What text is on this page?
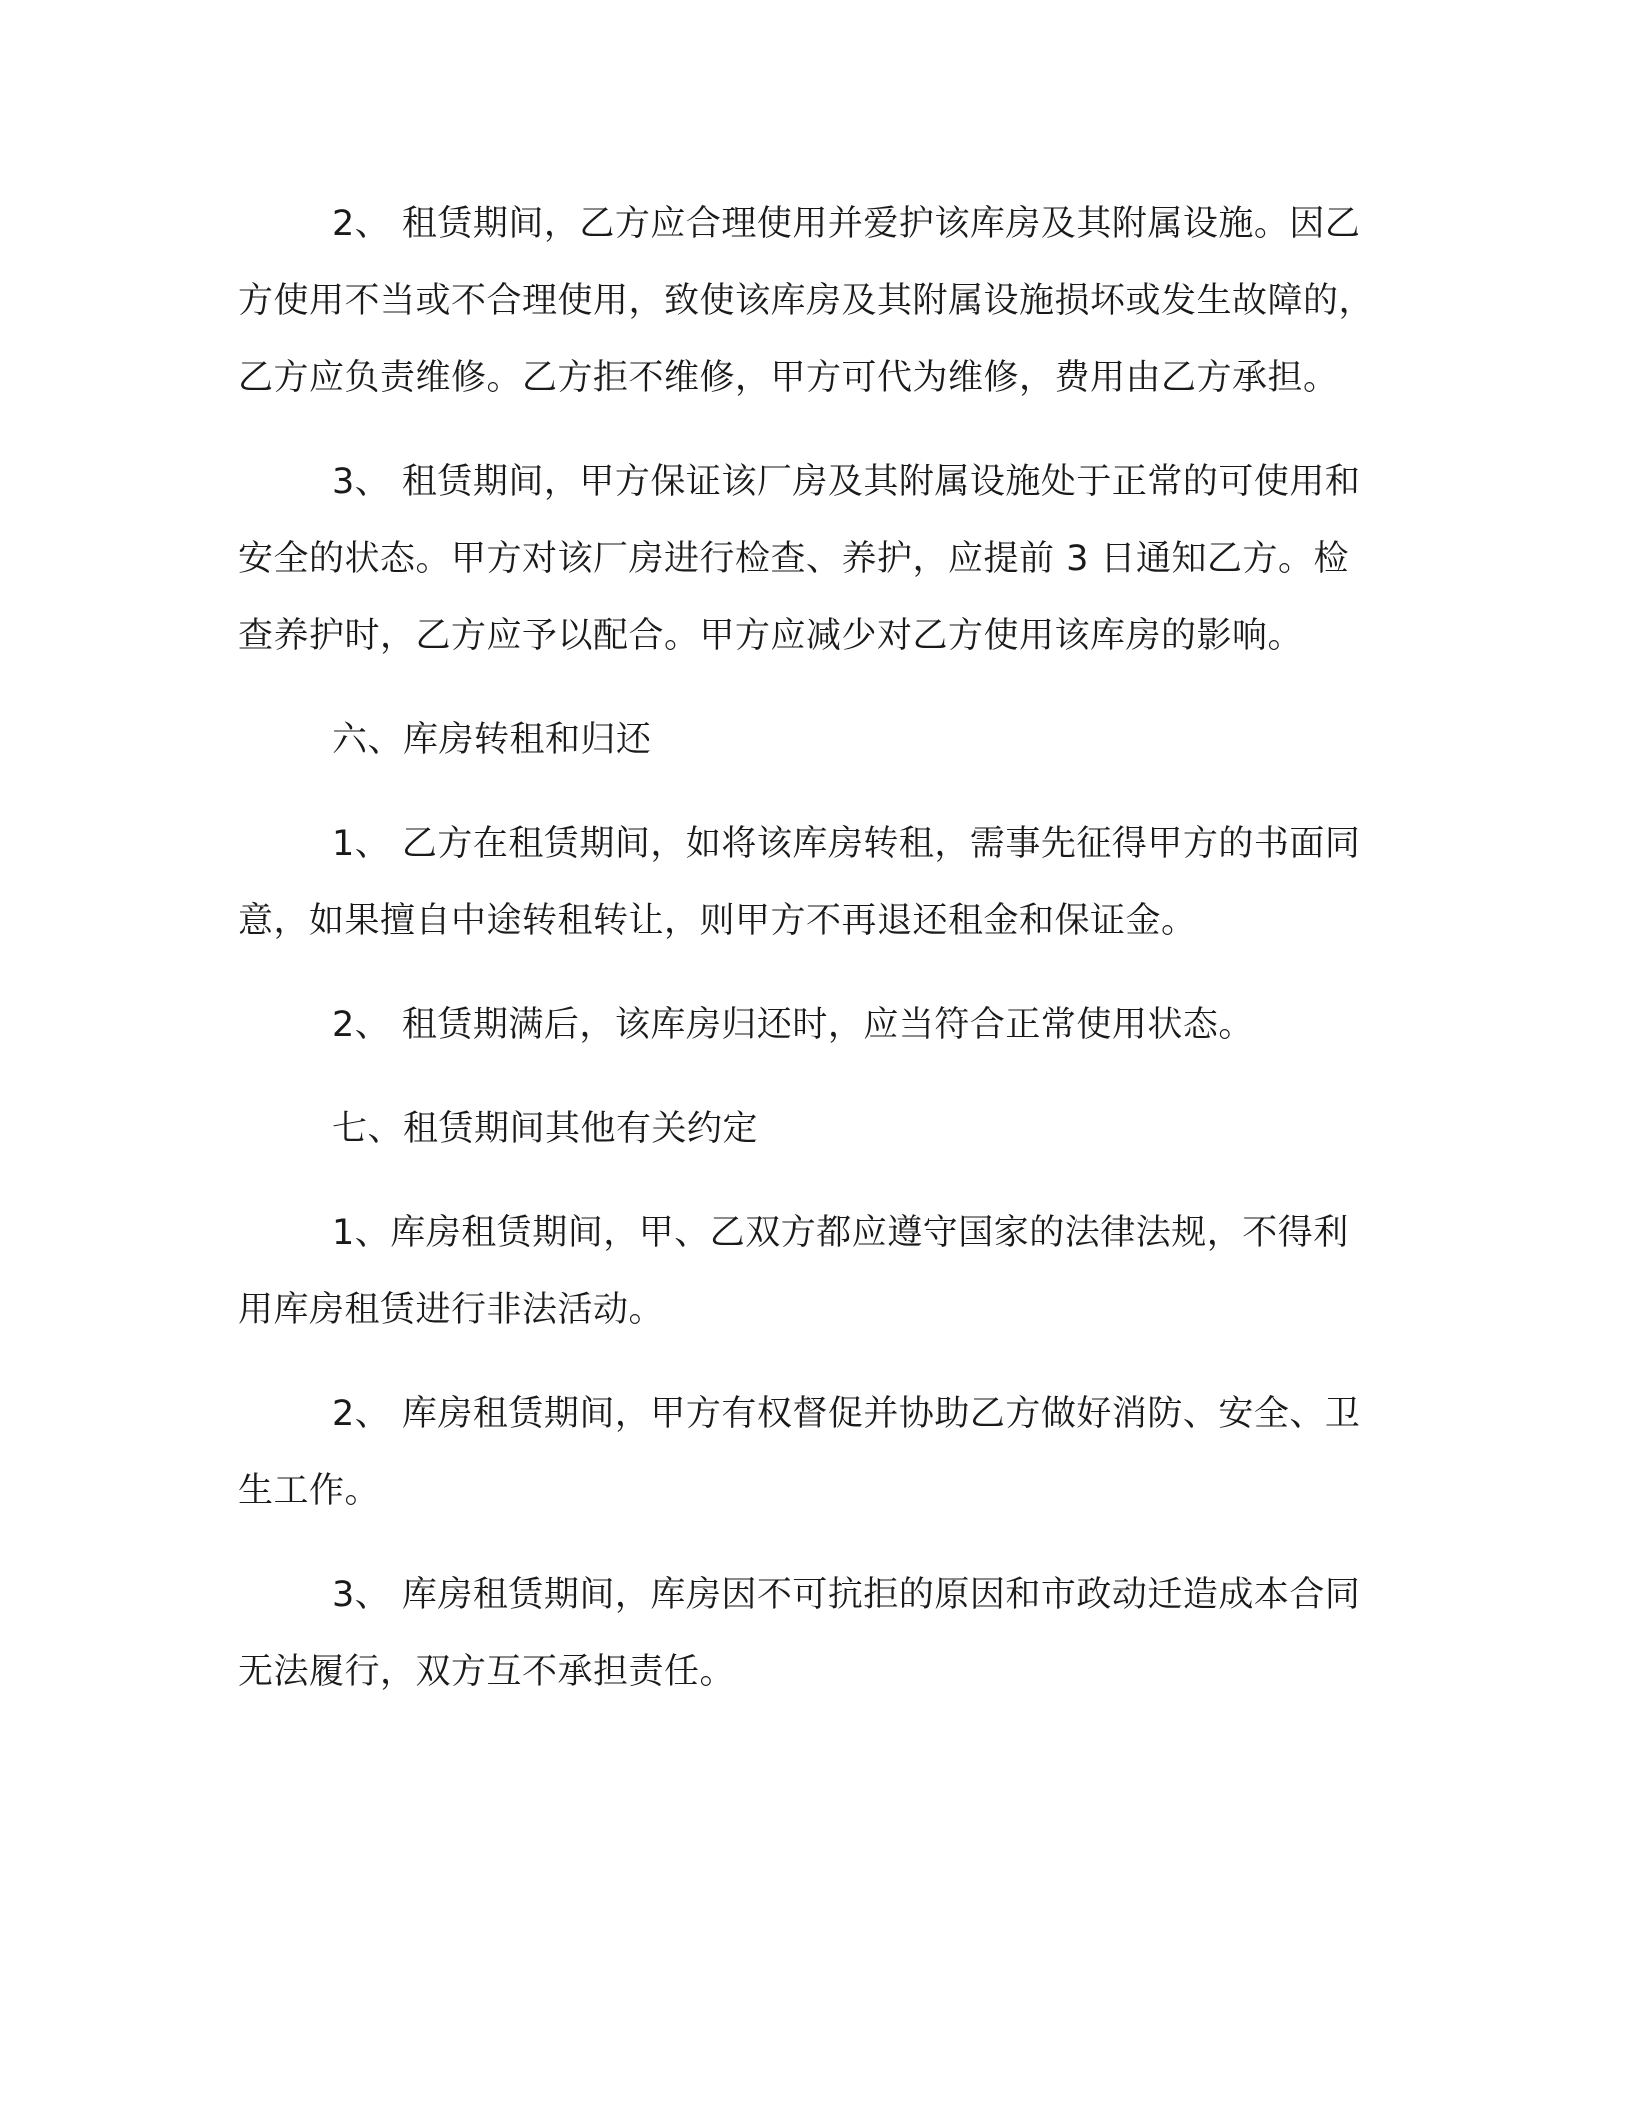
2、 租赁期间，乙方应合理使用并爱护该库房及其附属设施。因乙方使用不当或不合理使用，致使该库房及其附属设施损坏或发生故障的，乙方应负责维修。乙方拒不维修，甲方可代为维修，费用由乙方承担。

3、 租赁期间，甲方保证该厂房及其附属设施处于正常的可使用和安全的状态。甲方对该厂房进行检查、养护，应提前 3 日通知乙方。检查养护时，乙方应予以配合。甲方应减少对乙方使用该库房的影响。

六、库房转租和归还

1、 乙方在租赁期间，如将该库房转租，需事先征得甲方的书面同意，如果擅自中途转租转让，则甲方不再退还租金和保证金。

2、 租赁期满后，该库房归还时，应当符合正常使用状态。

七、租赁期间其他有关约定

1、库房租赁期间，甲、乙双方都应遵守国家的法律法规，不得利用库房租赁进行非法活动。

2、 库房租赁期间，甲方有权督促并协助乙方做好消防、安全、卫生工作。

3、 库房租赁期间，库房因不可抗拒的原因和市政动迁造成本合同无法履行，双方互不承担责任。
